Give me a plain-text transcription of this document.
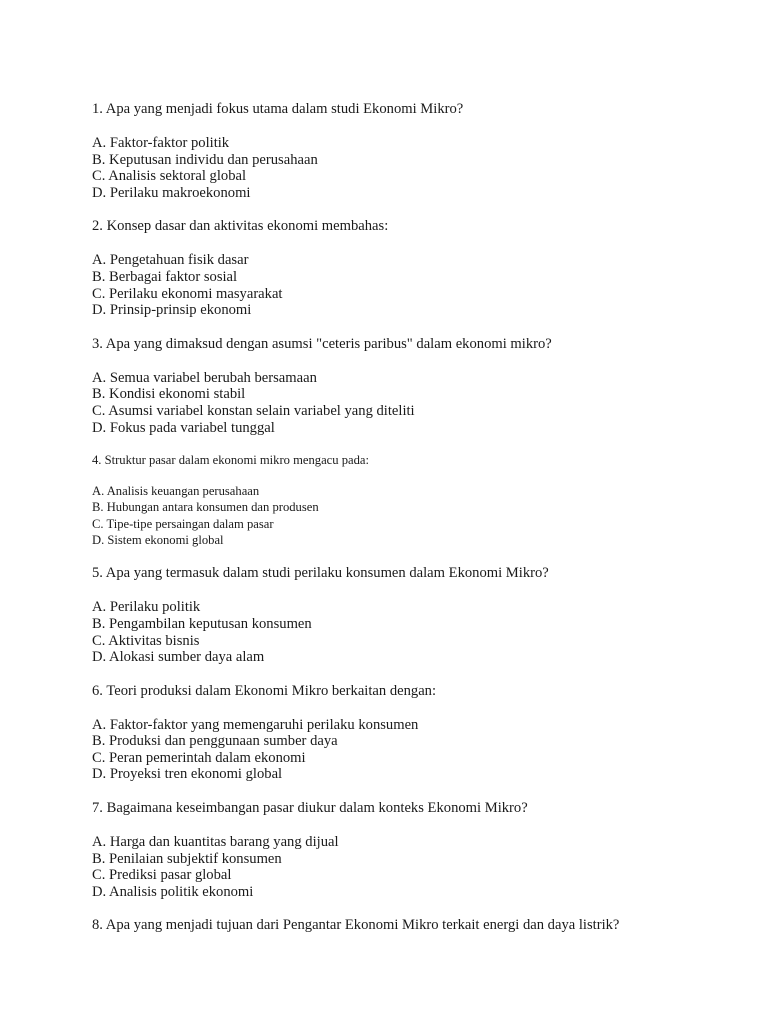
1. Apa yang menjadi fokus utama dalam studi Ekonomi Mikro?
A. Faktor-faktor politik
B. Keputusan individu dan perusahaan
C. Analisis sektoral global
D. Perilaku makroekonomi
2. Konsep dasar dan aktivitas ekonomi membahas:
A. Pengetahuan fisik dasar
B. Berbagai faktor sosial
C. Perilaku ekonomi masyarakat
D. Prinsip-prinsip ekonomi
3. Apa yang dimaksud dengan asumsi "ceteris paribus" dalam ekonomi mikro?
A. Semua variabel berubah bersamaan
B. Kondisi ekonomi stabil
C. Asumsi variabel konstan selain variabel yang diteliti
D. Fokus pada variabel tunggal
4. Struktur pasar dalam ekonomi mikro mengacu pada:
A. Analisis keuangan perusahaan
B. Hubungan antara konsumen dan produsen
C. Tipe-tipe persaingan dalam pasar
D. Sistem ekonomi global
5. Apa yang termasuk dalam studi perilaku konsumen dalam Ekonomi Mikro?
A. Perilaku politik
B. Pengambilan keputusan konsumen
C. Aktivitas bisnis
D. Alokasi sumber daya alam
6. Teori produksi dalam Ekonomi Mikro berkaitan dengan:
A. Faktor-faktor yang memengaruhi perilaku konsumen
B. Produksi dan penggunaan sumber daya
C. Peran pemerintah dalam ekonomi
D. Proyeksi tren ekonomi global
7. Bagaimana keseimbangan pasar diukur dalam konteks Ekonomi Mikro?
A. Harga dan kuantitas barang yang dijual
B. Penilaian subjektif konsumen
C. Prediksi pasar global
D. Analisis politik ekonomi
8. Apa yang menjadi tujuan dari Pengantar Ekonomi Mikro terkait energi dan daya listrik?
